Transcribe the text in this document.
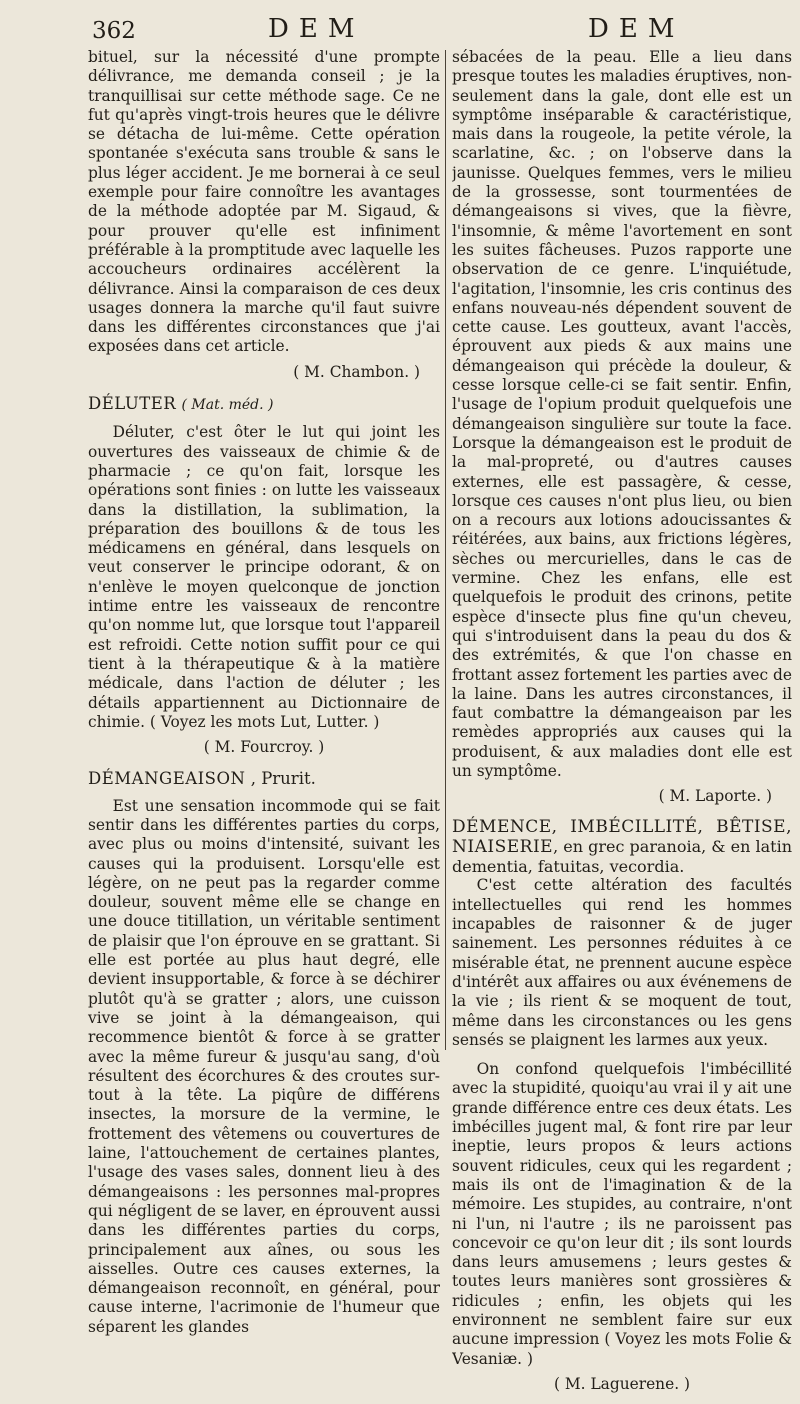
362	DEM	DEM

bituel, sur la nécessité d'une prompte délivrance, me demanda conseil ; je la tranquillisai sur cette méthode sage. Ce ne fut qu'après vingt-trois heures que le délivre se détacha de lui-même. Cette opération spontanée s'exécuta sans trouble & sans le plus léger accident. Je me bornerai à ce seul exemple pour faire connoître les avantages de la méthode adoptée par M. Sigaud, & pour prouver qu'elle est infiniment préférable à la promptitude avec laquelle les accoucheurs ordinaires accélèrent la délivrance. Ainsi la comparaison de ces deux usages donnera la marche qu'il faut suivre dans les différentes circonstances que j'ai exposées dans cet article.

( M. Chambon. )
DÉLUTER ( Mat. méd. )

Déluter, c'est ôter le lut qui joint les ouvertures des vaisseaux de chimie & de pharmacie ; ce qu'on fait, lorsque les opérations sont finies : on lutte les vaisseaux dans la distillation, la sublimation, la préparation des bouillons & de tous les médicamens en général, dans lesquels on veut conserver le principe odorant, & on n'enlève le moyen quelconque de jonction intime entre les vaisseaux de rencontre qu'on nomme lut, que lorsque tout l'appareil est refroidi. Cette notion suffit pour ce qui tient à la thérapeutique & à la matière médicale, dans l'action de déluter ; les détails appartiennent au Dictionnaire de chimie. ( Voyez les mots Lut, Lutter. )

( M. Fourcroy. )
DÉMANGEAISON , Prurit.

Est une sensation incommode qui se fait sentir dans les différentes parties du corps, avec plus ou moins d'intensité, suivant les causes qui la produisent. Lorsqu'elle est légère, on ne peut pas la regarder comme douleur, souvent même elle se change en une douce titillation, un véritable sentiment de plaisir que l'on éprouve en se grattant. Si elle est portée au plus haut degré, elle devient insupportable, & force à se déchirer plutôt qu'à se gratter ; alors, une cuisson vive se joint à la démangeaison, qui recommence bientôt & force à se gratter avec la même fureur & jusqu'au sang, d'où résultent des écorchures & des croutes sur-tout à la tête. La piqûre de différens insectes, la morsure de la vermine, le frottement des vêtemens ou couvertures de laine, l'attouchement de certaines plantes, l'usage des vases sales, donnent lieu à des démangeaisons : les personnes mal-propres qui négligent de se laver, en éprouvent aussi dans les différentes parties du corps, principalement aux aînes, ou sous les aisselles. Outre ces causes externes, la démangeaison reconnoît, en général, pour cause interne, l'acrimonie de l'humeur que séparent les glandes

sébacées de la peau. Elle a lieu dans presque toutes les maladies éruptives, non-seulement dans la gale, dont elle est un symptôme inséparable & caractéristique, mais dans la rougeole, la petite vérole, la scarlatine, &c. ; on l'observe dans la jaunisse. Quelques femmes, vers le milieu de la grossesse, sont tourmentées de démangeaisons si vives, que la fièvre, l'insomnie, & même l'avortement en sont les suites fâcheuses. Puzos rapporte une observation de ce genre. L'inquiétude, l'agitation, l'insomnie, les cris continus des enfans nouveau-nés dépendent souvent de cette cause. Les goutteux, avant l'accès, éprouvent aux pieds & aux mains une démangeaison qui précède la douleur, & cesse lorsque celle-ci se fait sentir. Enfin, l'usage de l'opium produit quelquefois une démangeaison singulière sur toute la face. Lorsque la démangeaison est le produit de la mal-propreté, ou d'autres causes externes, elle est passagère, & cesse, lorsque ces causes n'ont plus lieu, ou bien on a recours aux lotions adoucissantes & réitérées, aux bains, aux frictions légères, sèches ou mercurielles, dans le cas de vermine. Chez les enfans, elle est quelquefois le produit des crinons, petite espèce d'insecte plus fine qu'un cheveu, qui s'introduisent dans la peau du dos & des extrémités, & que l'on chasse en frottant assez fortement les parties avec de la laine. Dans les autres circonstances, il faut combattre la démangeaison par les remèdes appropriés aux causes qui la produisent, & aux maladies dont elle est un symptôme.

( M. Laporte. )

DÉMENCE, IMBÉCILLITÉ, BÊTISE, NIAISERIE, en grec paranoia, & en latin dementia, fatuitas, vecordia.

C'est cette altération des facultés intellectuelles qui rend les hommes incapables de raisonner & de juger sainement. Les personnes réduites à ce misérable état, ne prennent aucune espèce d'intérêt aux affaires ou aux événemens de la vie ; ils rient & se moquent de tout, même dans les circonstances ou les gens sensés se plaignent les larmes aux yeux.

On confond quelquefois l'imbécillité avec la stupidité, quoiqu'au vrai il y ait une grande différence entre ces deux états. Les imbécilles jugent mal, & font rire par leur ineptie, leurs propos & leurs actions souvent ridicules, ceux qui les regardent ; mais ils ont de l'imagination & de la mémoire. Les stupides, au contraire, n'ont ni l'un, ni l'autre ; ils ne paroissent pas concevoir ce qu'on leur dit ; ils sont lourds dans leurs amusemens ; leurs gestes & toutes leurs manières sont grossières & ridicules ; enfin, les objets qui les environnent ne semblent faire sur eux aucune impression ( Voyez les mots Folie & Vesaniæ. )

( M. Laguerene. )
